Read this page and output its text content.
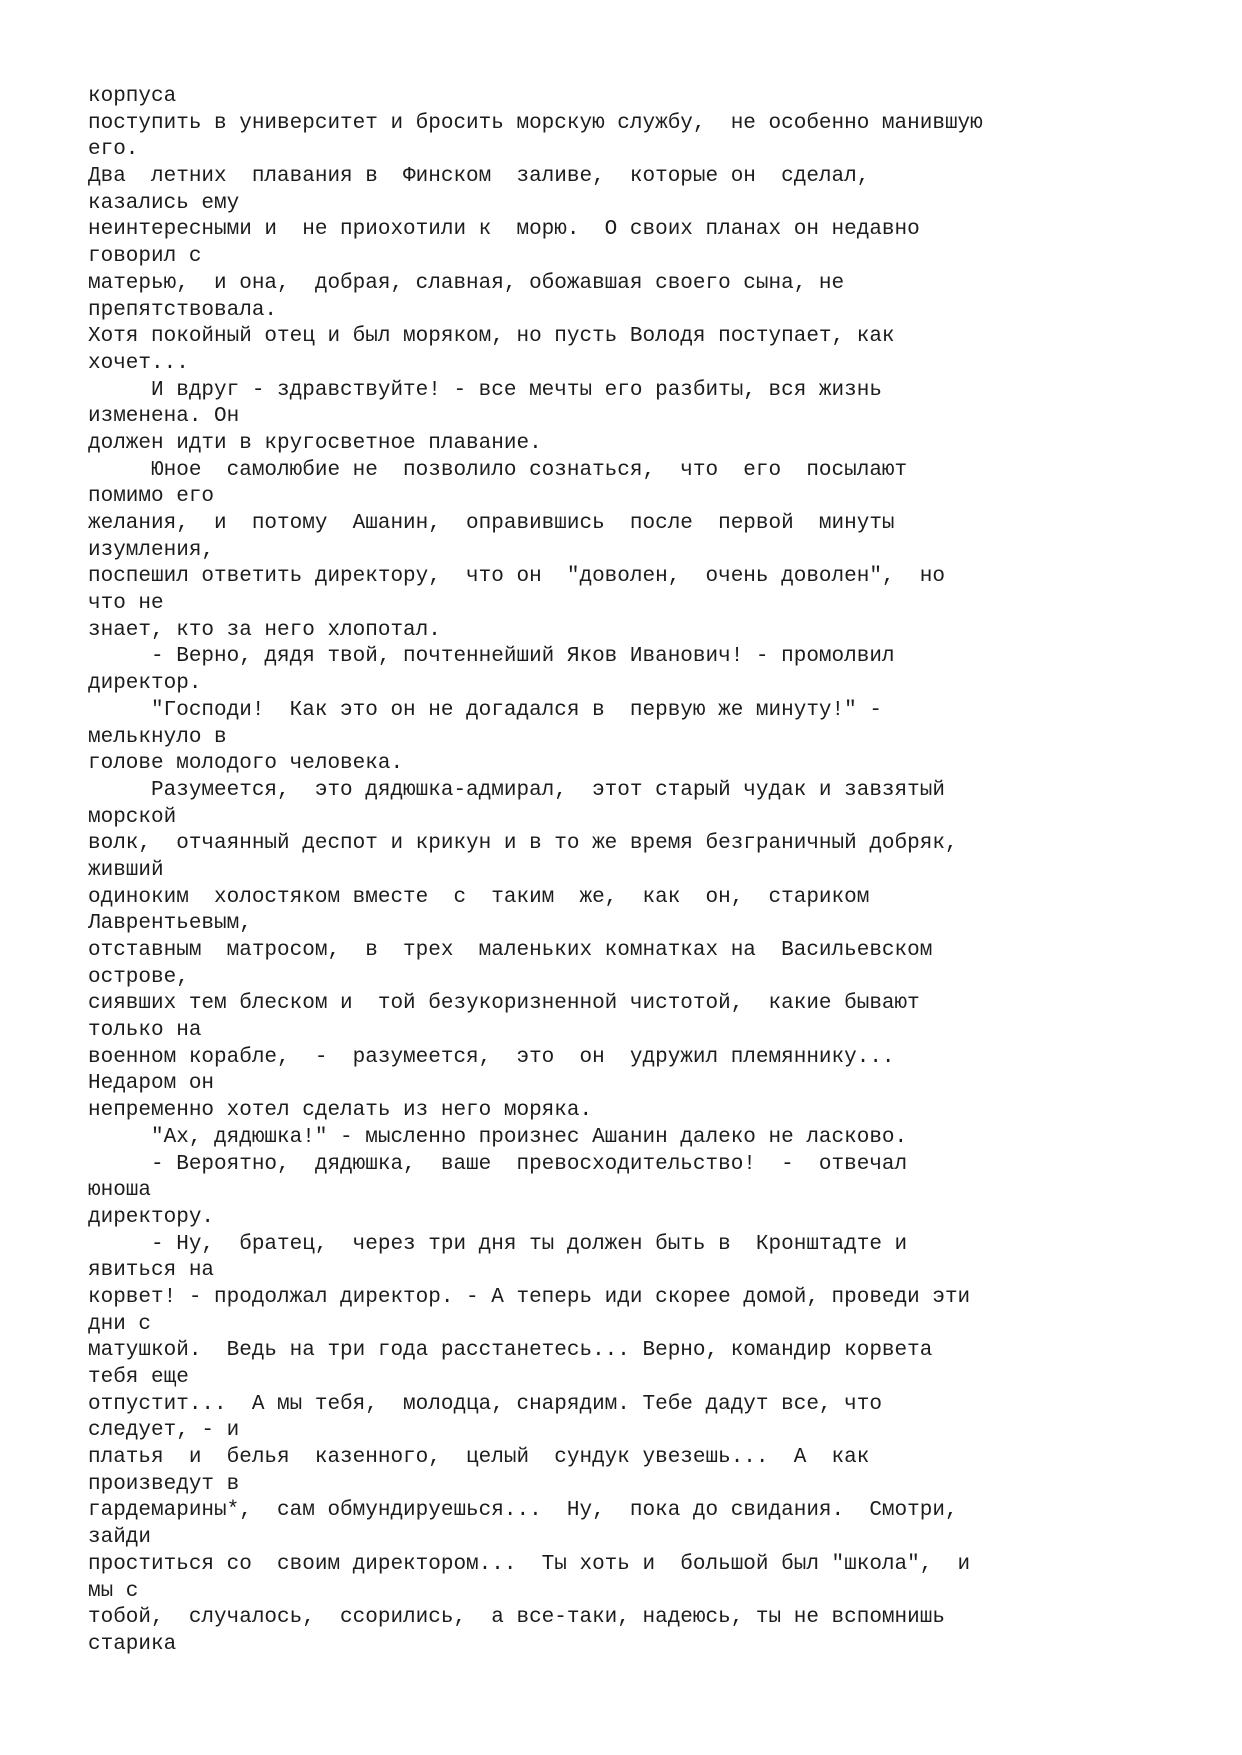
корпуса
поступить в университет и бросить морскую службу,  не особенно манившую
его.
Два  летних  плавания в  Финском  заливе,  которые он  сделал,
казались ему
неинтересными и  не приохотили к  морю.  О своих планах он недавно
говорил с
матерью,  и она,  добрая, славная, обожавшая своего сына, не
препятствовала.
Хотя покойный отец и был моряком, но пусть Володя поступает, как
хочет...
И вдруг - здравствуйте! - все мечты его разбиты, вся жизнь
изменена. Он
должен идти в кругосветное плавание.
Юное  самолюбие не  позволило сознаться,  что  его  посылают
помимо его
желания,  и  потому  Ашанин,  оправившись  после  первой  минуты
изумления,
поспешил ответить директору,  что он  "доволен,  очень доволен",  но
что не
знает, кто за него хлопотал.
- Верно, дядя твой, почтеннейший Яков Иванович! - промолвил
директор.
"Господи!  Как это он не догадался в  первую же минуту!" -
мелькнуло в
голове молодого человека.
Разумеется,  это дядюшка-адмирал,  этот старый чудак и завзятый
морской
волк,  отчаянный деспот и крикун и в то же время безграничный добряк,
живший
одиноким  холостяком вместе  с  таким  же,  как  он,  стариком
Лаврентьевым,
отставным  матросом,  в  трех  маленьких комнатках на  Васильевском
острове,
сиявших тем блеском и  той безукоризненной чистотой,  какие бывают
только на
военном корабле,  -  разумеется,  это  он  удружил племяннику...
Недаром он
непременно хотел сделать из него моряка.
"Ах, дядюшка!" - мысленно произнес Ашанин далеко не ласково.
- Вероятно,  дядюшка,  ваше  превосходительство!  -  отвечал
юноша
директору.
- Ну,  братец,  через три дня ты должен быть в  Кронштадте и
явиться на
корвет! - продолжал директор. - А теперь иди скорее домой, проведи эти
дни с
матушкой.  Ведь на три года расстанетесь... Верно, командир корвета
тебя еще
отпустит...  А мы тебя,  молодца, снарядим. Тебе дадут все, что
следует, - и
платья  и  белья  казенного,  целый  сундук увезешь...  А  как
произведут в
гардемарины*,  сам обмундируешься...  Ну,  пока до свидания.  Смотри,
зайди
проститься со  своим директором...  Ты хоть и  большой был "школа",  и
мы с
тобой,  случалось,  ссорились,  а все-таки, надеюсь, ты не вспомнишь
старика
